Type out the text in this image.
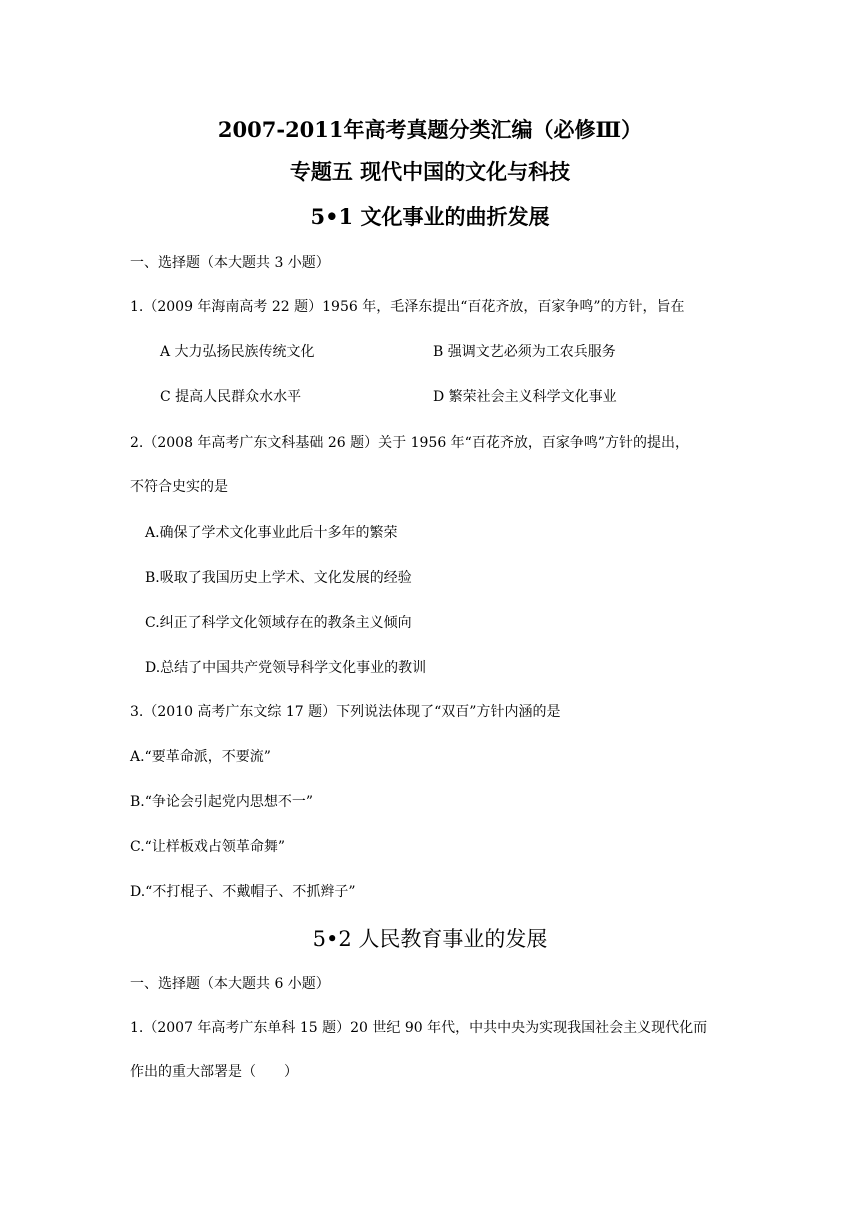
2007-2011年高考真题分类汇编（必修Ⅲ）
专题五 现代中国的文化与科技
5•1 文化事业的曲折发展
一、选择题（本大题共 3 小题）
1.（2009 年海南高考 22 题）1956 年，毛泽东提出“百花齐放，百家争鸣”的方针，旨在
A 大力弘扬民族传统文化	B 强调文艺必须为工农兵服务
C 提高人民群众水水平	D 繁荣社会主义科学文化事业
2.（2008 年高考广东文科基础 26 题）关于 1956 年“百花齐放，百家争鸣”方针的提出，
不符合史实的是
A.确保了学术文化事业此后十多年的繁荣
B.吸取了我国历史上学术、文化发展的经验
C.纠正了科学文化领域存在的教条主义倾向
D.总结了中国共产党领导科学文化事业的教训
3.（2010 高考广东文综 17 题）下列说法体现了“双百”方针内涵的是
A.“要革命派，不要流”
B.“争论会引起党内思想不一”
C.“让样板戏占领革命舞”
D.“不打棍子、不戴帽子、不抓辫子”
5•2 人民教育事业的发展
一、选择题（本大题共 6 小题）
1.（2007 年高考广东单科 15 题）20 世纪 90 年代，中共中央为实现我国社会主义现代化而
作出的重大部署是（　　）
